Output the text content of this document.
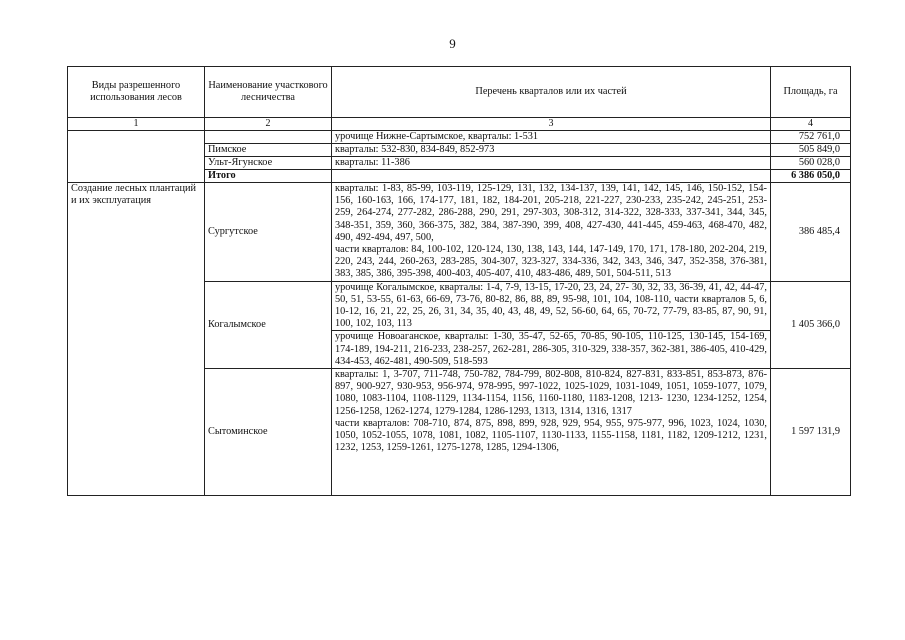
9
Виды разрешенного использования лесов	Наименование участкового лесничества	Перечень кварталов или их частей	Площадь, га
1	2	3	4
		урочище Нижне-Сартымское, кварталы: 1-531	752 761,0
	Пимское	кварталы: 532-830, 834-849, 852-973	505 849,0
	Ульт-Ягунское	кварталы: 11-386	560 028,0
	Итого		6 386 050,0
Создание лесных плантаций и их эксплуатация	Сургутское	кварталы: 1-83, 85-99, 103-119, 125-129, 131, 132, 134-137, 139, 141, 142, 145, 146, 150-152, 154-156, 160-163, 166, 174-177, 181, 182, 184-201, 205-218, 221-227, 230-233, 235-242, 245-251, 253-259, 264-274, 277-282, 286-288, 290, 291, 297-303, 308-312, 314-322, 328-333, 337-341, 344, 345, 348-351, 359, 360, 366-375, 382, 384, 387-390, 399, 408, 427-430, 441-445, 459-463, 468-470, 482, 490, 492-494, 497, 500,
части кварталов: 84, 100-102, 120-124, 130, 138, 143, 144, 147-149, 170, 171, 178-180, 202-204, 219, 220, 243, 244, 260-263, 283-285, 304-307, 323-327, 334-336, 342, 343, 346, 347, 352-358, 376-381, 383, 385, 386, 395-398, 400-403, 405-407, 410, 483-486, 489, 501, 504-511, 513	386 485,4
	Когалымское	урочище Когалымское, кварталы: 1-4, 7-9, 13-15, 17-20, 23, 24, 27- 30, 32, 33, 36-39, 41, 42, 44-47, 50, 51, 53-55, 61-63, 66-69, 73-76, 80-82, 86, 88, 89, 95-98, 101, 104, 108-110, части кварталов 5, 6, 10-12, 16, 21, 22, 25, 26, 31, 34, 35, 40, 43, 48, 49, 52, 56-60, 64, 65, 70-72, 77-79, 83-85, 87, 90, 91, 100, 102, 103, 113	1 405 366,0
		урочище Новоаганское, кварталы: 1-30, 35-47, 52-65, 70-85, 90-105, 110-125, 130-145, 154-169, 174-189, 194-211, 216-233, 238-257, 262-281, 286-305, 310-329, 338-357, 362-381, 386-405, 410-429, 434-453, 462-481, 490-509, 518-593	
	Сытоминское	кварталы: 1, 3-707, 711-748, 750-782, 784-799, 802-808, 810-824, 827-831, 833-851, 853-873, 876-897, 900-927, 930-953, 956-974, 978-995, 997-1022, 1025-1029, 1031-1049, 1051, 1059-1077, 1079, 1080, 1083-1104, 1108-1129, 1134-1154, 1156, 1160-1180, 1183-1208, 1213- 1230, 1234-1252, 1254, 1256-1258, 1262-1274, 1279-1284, 1286-1293, 1313, 1314, 1316, 1317
части кварталов: 708-710, 874, 875, 898, 899, 928, 929, 954, 955, 975-977, 996, 1023, 1024, 1030, 1050, 1052-1055, 1078, 1081, 1082, 1105-1107, 1130-1133, 1155-1158, 1181, 1182, 1209-1212, 1231, 1232, 1253, 1259-1261, 1275-1278, 1285, 1294-1306,	1 597 131,9
